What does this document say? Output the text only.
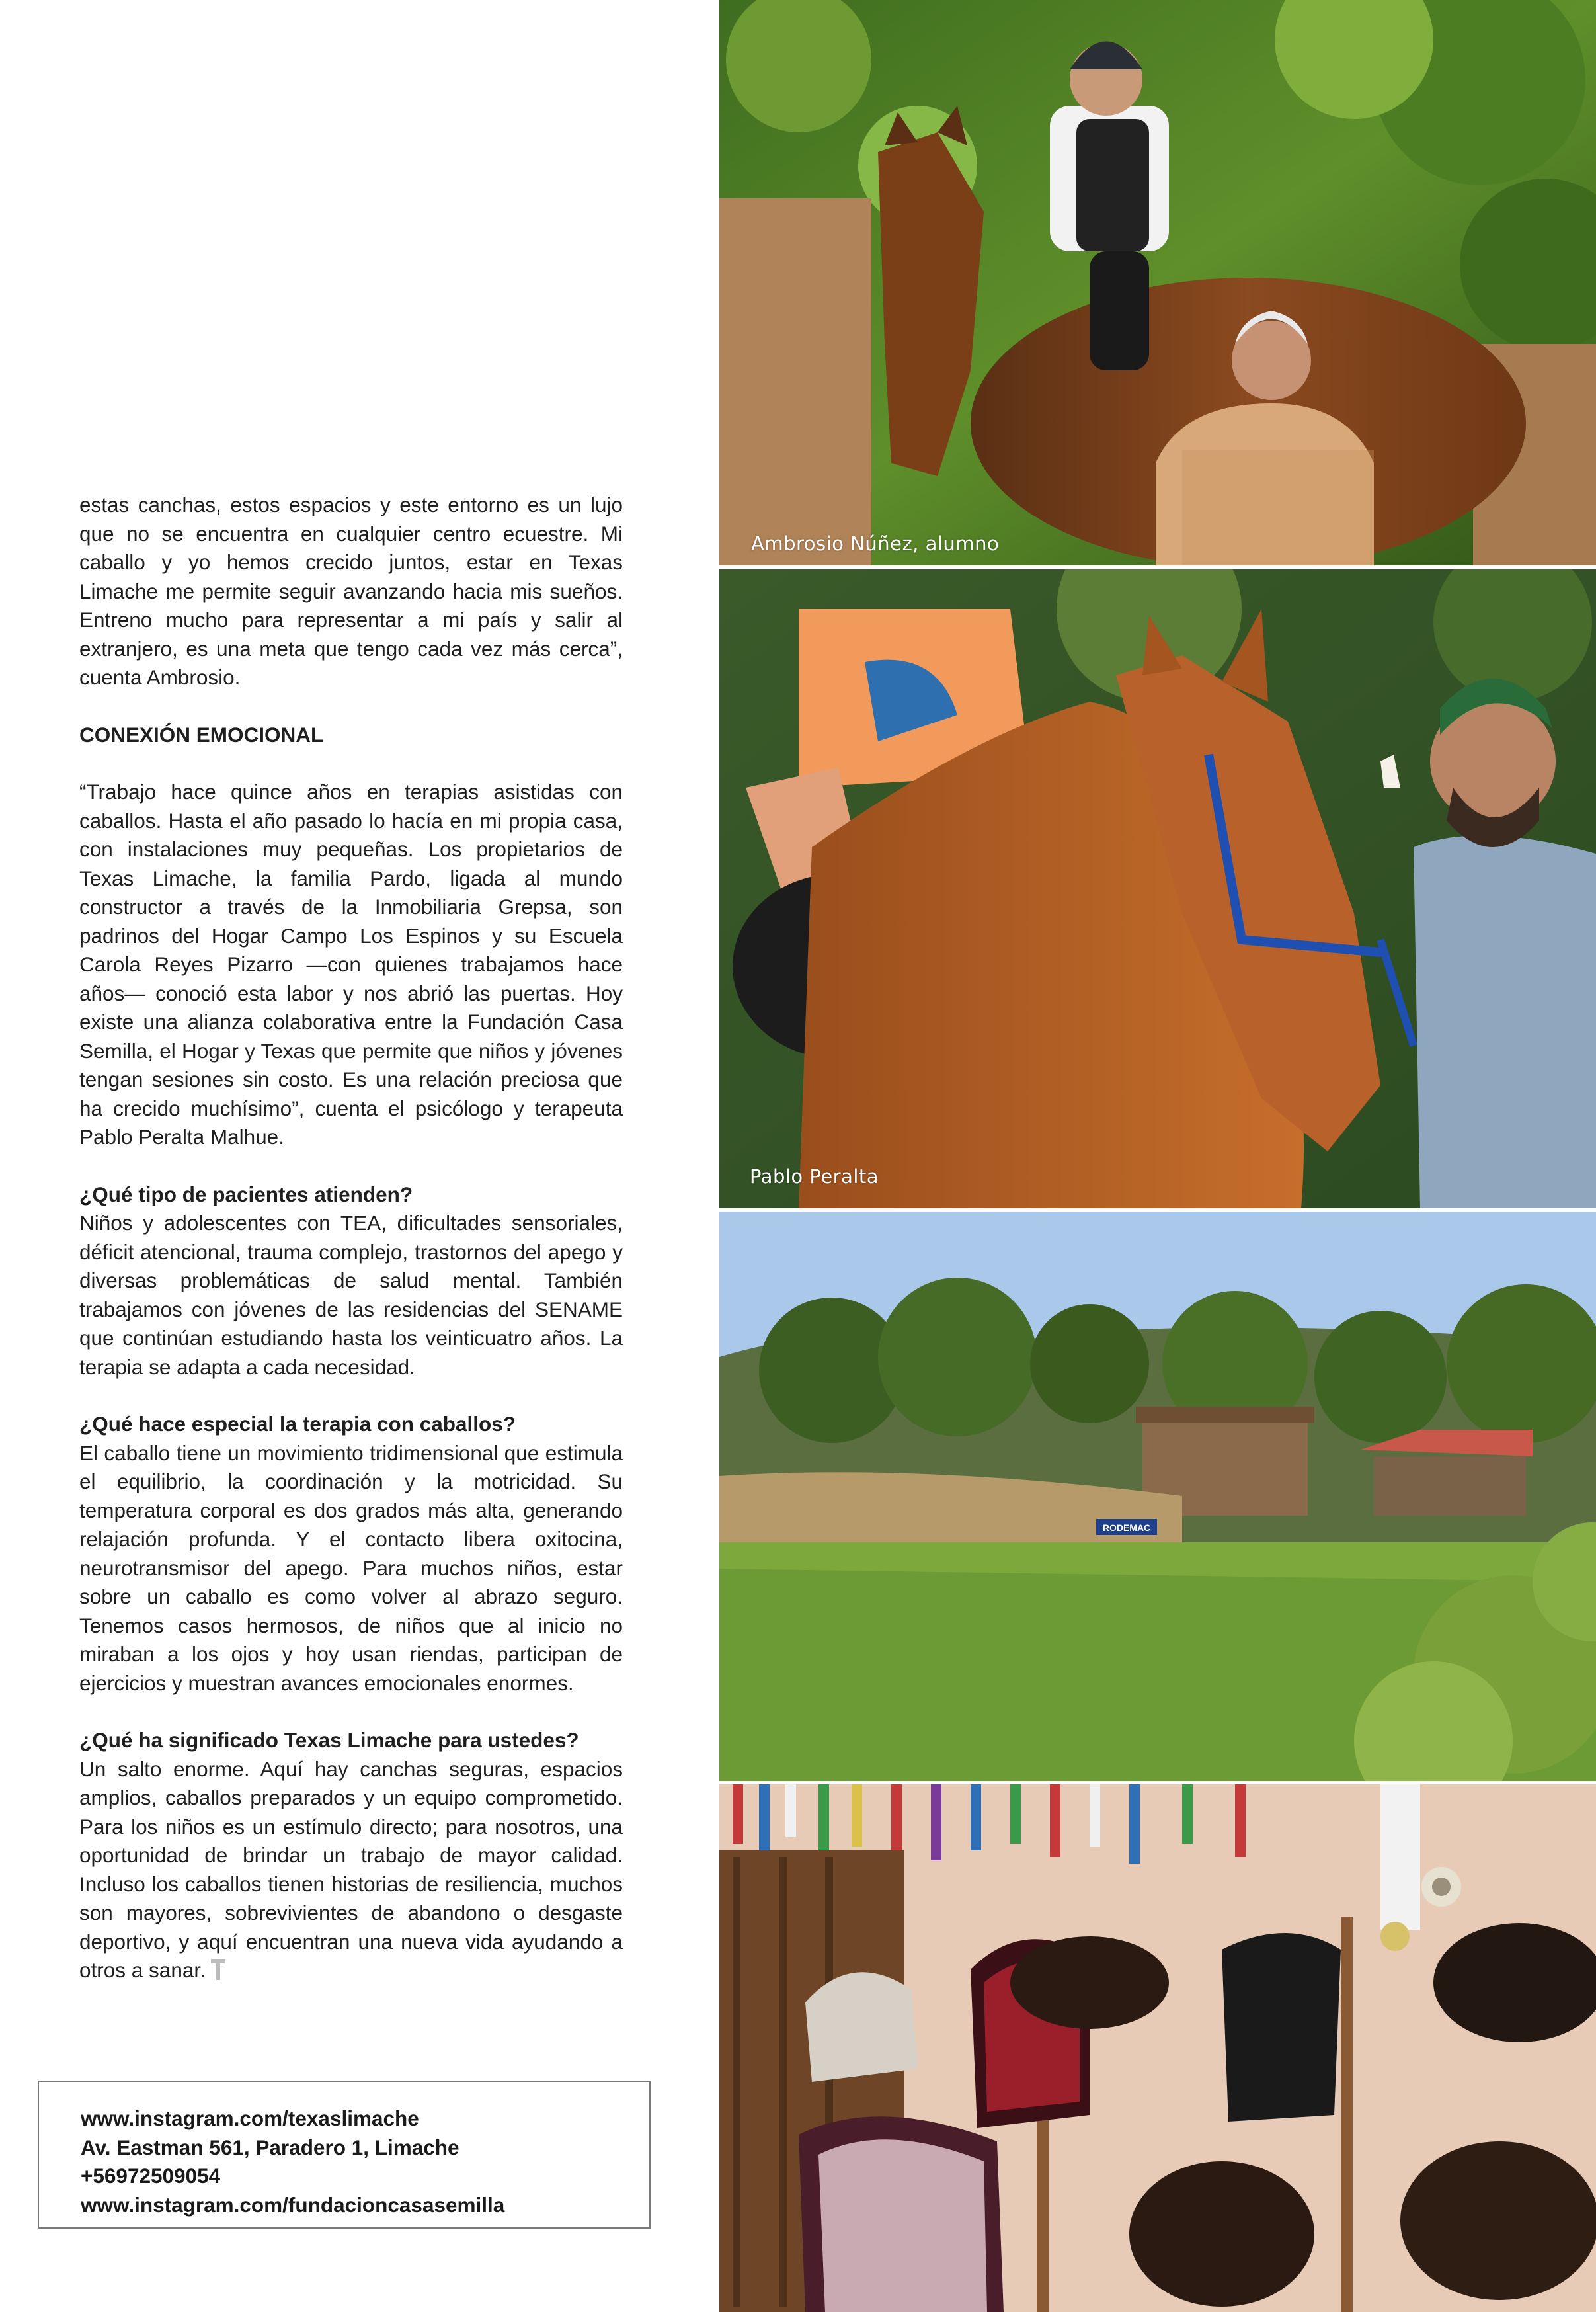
estas canchas, estos espacios y este entorno es un lujo que no se encuentra en cualquier centro ecuestre. Mi caballo y yo hemos crecido juntos, estar en Texas Limache me permite seguir avanzando hacia mis sueños. Entreno mucho para representar a mi país y salir al extranjero, es una meta que tengo cada vez más cerca”, cuenta Ambrosio.

CONEXIÓN EMOCIONAL

“Trabajo hace quince años en terapias asistidas con caballos. Hasta el año pasado lo hacía en mi propia casa, con instalaciones muy pequeñas. Los propietarios de Texas Limache, la familia Pardo, ligada al mundo constructor a través de la Inmobiliaria Grepsa, son padrinos del Hogar Campo Los Espinos y su Escuela Carola Reyes Pizarro —con quienes trabajamos hace años— conoció esta labor y nos abrió las puertas. Hoy existe una alianza colaborativa entre la Fundación Casa Semilla, el Hogar y Texas que permite que niños y jóvenes tengan sesiones sin costo. Es una relación preciosa que ha crecido muchísimo”, cuenta el psicólogo y terapeuta Pablo Peralta Malhue.

¿Qué tipo de pacientes atienden?

Niños y adolescentes con TEA, dificultades sensoriales, déficit atencional, trauma complejo, trastornos del apego y diversas problemáticas de salud mental. También trabajamos con jóvenes de las residencias del SENAME que continúan estudiando hasta los veinticuatro años. La terapia se adapta a cada necesidad.

¿Qué hace especial la terapia con caballos?

El caballo tiene un movimiento tridimensional que estimula el equilibrio, la coordinación y la motricidad. Su temperatura corporal es dos grados más alta, generando relajación profunda. Y el contacto libera oxitocina, neurotransmisor del apego. Para muchos niños, estar sobre un caballo es como volver al abrazo seguro. Tenemos casos hermosos, de niños que al inicio no miraban a los ojos y hoy usan riendas, participan de ejercicios y muestran avances emocionales enormes.

¿Qué ha significado Texas Limache para ustedes?

Un salto enorme. Aquí hay canchas seguras, espacios amplios, caballos preparados y un equipo comprometido. Para los niños es un estímulo directo; para nosotros, una oportunidad de brindar un trabajo de mayor calidad. Incluso los caballos tienen historias de resiliencia, muchos son mayores, sobrevivientes de abandono o desgaste deportivo, y aquí encuentran una nueva vida ayudando a otros a sanar.

www.instagram.com/texaslimache
Av. Eastman 561, Paradero 1, Limache
+56972509054
www.instagram.com/fundacioncasasemilla
Ambrosio Núñez, alumno
Pablo Peralta
RODEMAC
